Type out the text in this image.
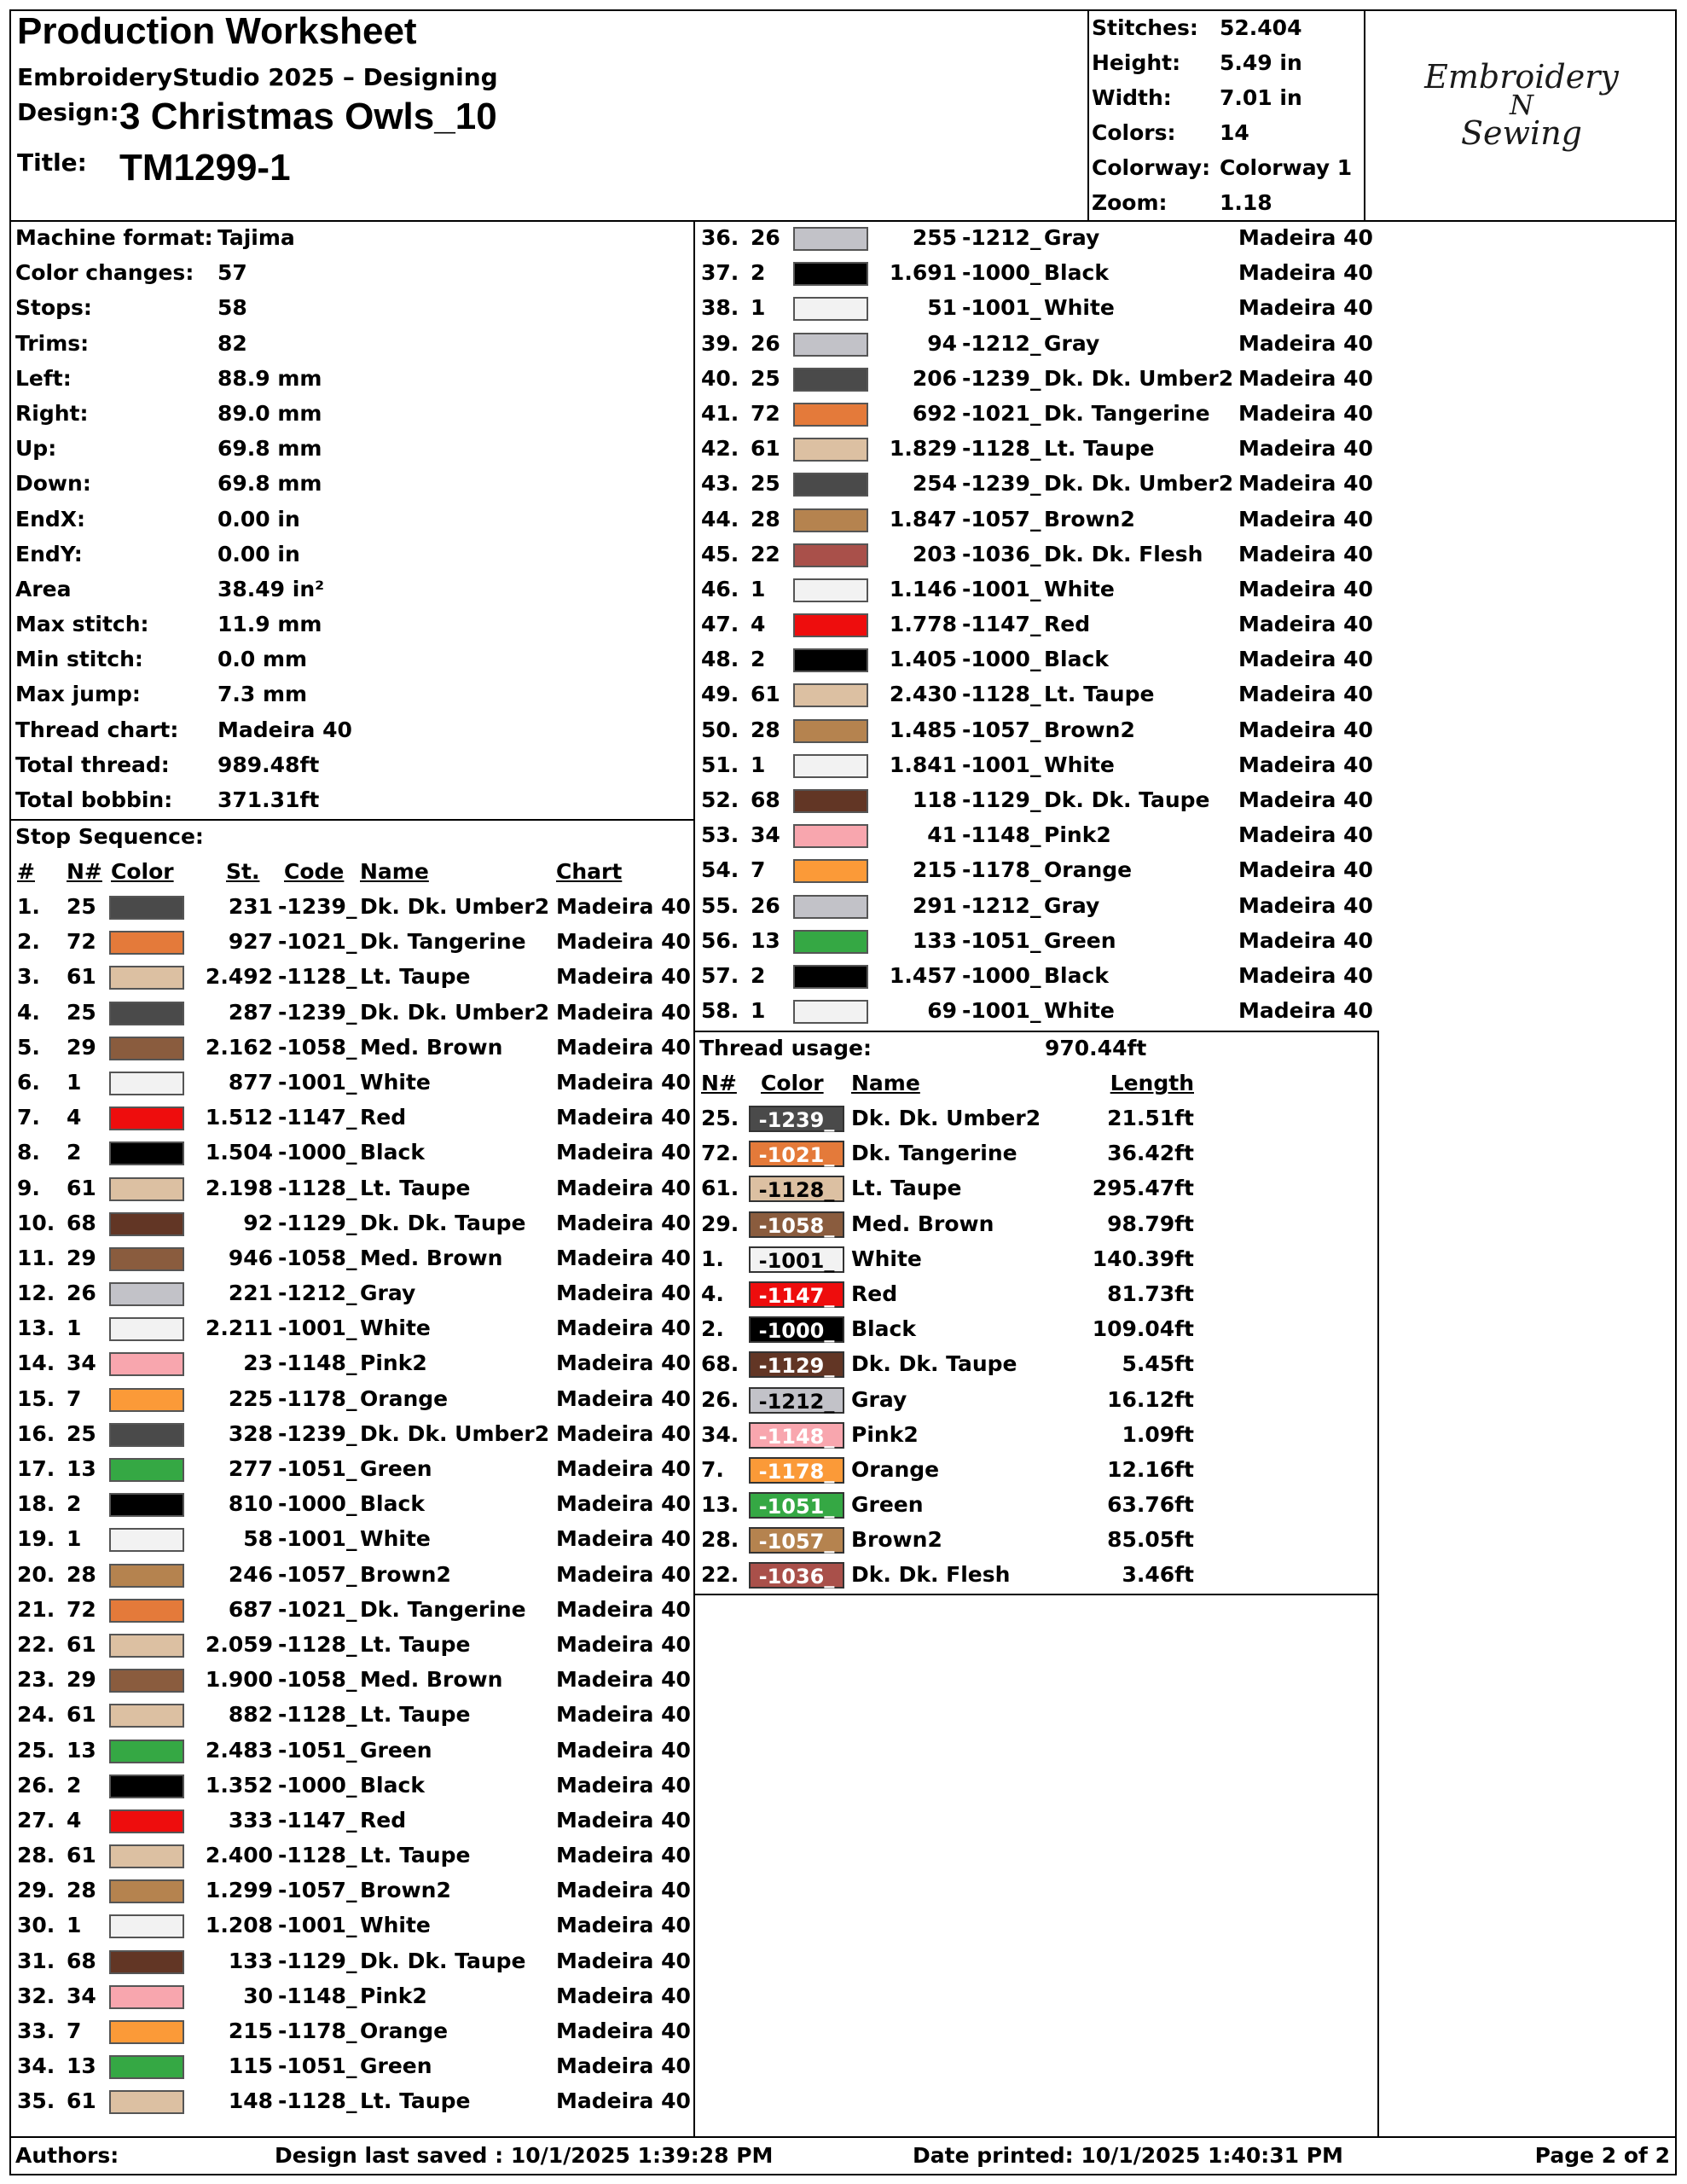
Production Worksheet
EmbroideryStudio 2025 – Designing
Design: 3 Christmas Owls_10
Title: TM1299-1
Stitches: 52.404
Height: 5.49 in
Width: 7.01 in
Colors: 14
Colorway: Colorway 1
Zoom: 1.18
Embroidery
N
Sewing
Machine format: Tajima
Color changes: 57
Stops:	58
Trims:	82
Left:	88.9 mm
Right:	89.0 mm
Up:	69.8 mm
Down:	69.8 mm
EndX:	0.00 in
EndY:	0.00 in
Area	38.49 in²
Max stitch:	11.9 mm
Min stitch:	0.0 mm
Max jump:	7.3 mm
Thread chart: Madeira 40
Total thread: 989.48ft
Total bobbin: 371.31ft
Stop Sequence:
# N# Color St. Code Name	Chart
1. 25	231 -1239_ Dk. Dk. Umber2 Madeira 40
2. 72	927 -1021_ Dk. Tangerine Madeira 40
3. 61	2.492 -1128_ Lt. Taupe	Madeira 40
4. 25	287 -1239_ Dk. Dk. Umber2 Madeira 40
5. 29	2.162 -1058_ Med. Brown	Madeira 40
6. 1	877 -1001_ White	Madeira 40
7. 4	1.512 -1147_ Red	Madeira 40
8. 2	1.504 -1000_ Black	Madeira 40
9. 61	2.198 -1128_ Lt. Taupe	Madeira 40
10. 68	92 -1129_ Dk. Dk. Taupe Madeira 40
11. 29	946 -1058_ Med. Brown	Madeira 40
12. 26	221 -1212_ Gray	Madeira 40
13. 1	2.211 -1001_ White	Madeira 40
14. 34	23 -1148_ Pink2	Madeira 40
15. 7	225 -1178_ Orange	Madeira 40
16. 25	328 -1239_ Dk. Dk. Umber2 Madeira 40
17. 13	277 -1051_ Green	Madeira 40
18. 2	810 -1000_ Black	Madeira 40
19. 1	58 -1001_ White	Madeira 40
20. 28	246 -1057_ Brown2	Madeira 40
21. 72	687 -1021_ Dk. Tangerine Madeira 40
22. 61	2.059 -1128_ Lt. Taupe	Madeira 40
23. 29	1.900 -1058_ Med. Brown	Madeira 40
24. 61	882 -1128_ Lt. Taupe	Madeira 40
25. 13	2.483 -1051_ Green	Madeira 40
26. 2	1.352 -1000_ Black	Madeira 40
27. 4	333 -1147_ Red	Madeira 40
28. 61	2.400 -1128_ Lt. Taupe	Madeira 40
29. 28	1.299 -1057_ Brown2	Madeira 40
30. 1	1.208 -1001_ White	Madeira 40
31. 68	133 -1129_ Dk. Dk. Taupe Madeira 40
32. 34	30 -1148_ Pink2	Madeira 40
33. 7	215 -1178_ Orange	Madeira 40
34. 13	115 -1051_ Green	Madeira 40
35. 61	148 -1128_ Lt. Taupe	Madeira 40
36. 26	255 -1212_ Gray	Madeira 40
37. 2	1.691 -1000_ Black	Madeira 40
38. 1	51 -1001_ White	Madeira 40
39. 26	94 -1212_ Gray	Madeira 40
40. 25	206 -1239_ Dk. Dk. Umber2 Madeira 40
41. 72	692 -1021_ Dk. Tangerine Madeira 40
42. 61	1.829 -1128_ Lt. Taupe	Madeira 40
43. 25	254 -1239_ Dk. Dk. Umber2 Madeira 40
44. 28	1.847 -1057_ Brown2	Madeira 40
45. 22	203 -1036_ Dk. Dk. Flesh Madeira 40
46. 1	1.146 -1001_ White	Madeira 40
47. 4	1.778 -1147_ Red	Madeira 40
48. 2	1.405 -1000_ Black	Madeira 40
49. 61	2.430 -1128_ Lt. Taupe	Madeira 40
50. 28	1.485 -1057_ Brown2	Madeira 40
51. 1	1.841 -1001_ White	Madeira 40
52. 68	118 -1129_ Dk. Dk. Taupe Madeira 40
53. 34	41 -1148_ Pink2	Madeira 40
54. 7	215 -1178_ Orange	Madeira 40
55. 26	291 -1212_ Gray	Madeira 40
56. 13	133 -1051_ Green	Madeira 40
57. 2	1.457 -1000_ Black	Madeira 40
58. 1	69 -1001_ White	Madeira 40
Thread usage:	970.44ft
N# Color Name	Length
25. -1239_ Dk. Dk. Umber2	21.51ft
72. -1021_ Dk. Tangerine	36.42ft
61. -1128_ Lt. Taupe	295.47ft
29. -1058_ Med. Brown	98.79ft
1.	-1001_ White	140.39ft
4.	-1147_ Red	81.73ft
2.	-1000_ Black	109.04ft
68. -1129_ Dk. Dk. Taupe	5.45ft
26. -1212_ Gray	16.12ft
34. -1148_ Pink2	1.09ft
7.	-1178_ Orange	12.16ft
13. -1051_ Green	63.76ft
28. -1057_ Brown2	85.05ft
22. -1036_ Dk. Dk. Flesh	3.46ft
Authors:	Design last saved : 10/1/2025 1:39:28 PM	Date printed: 10/1/2025 1:40:31 PM	Page 2 of 2
